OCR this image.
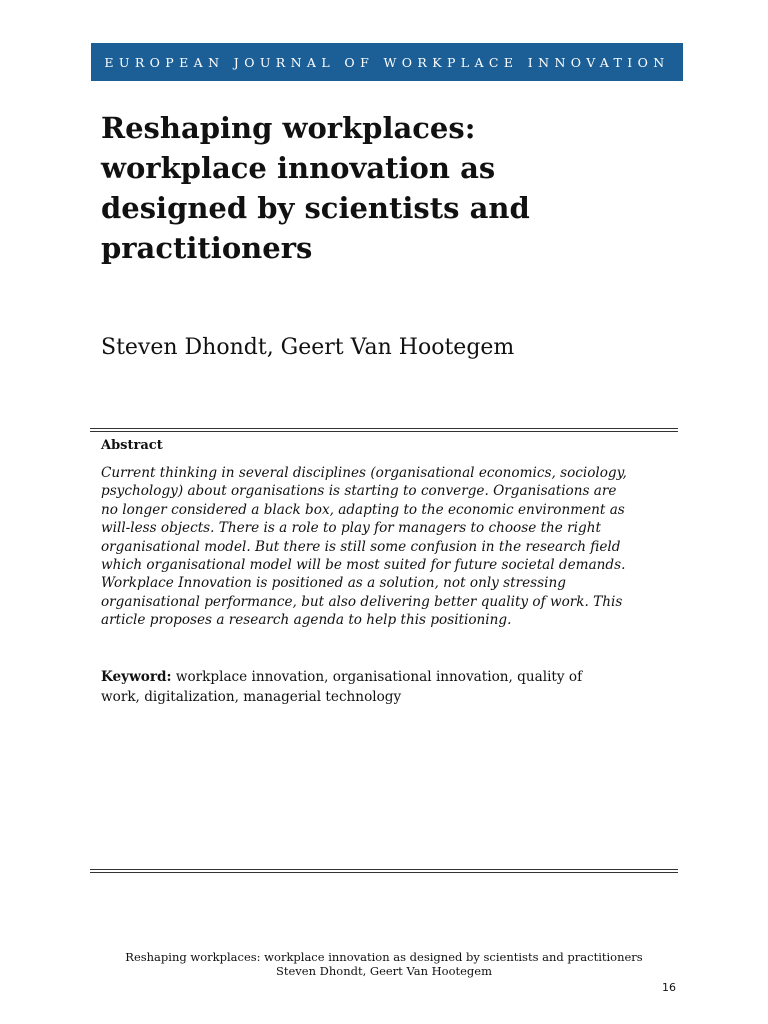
EUROPEAN JOURNAL OF WORKPLACE INNOVATION
Reshaping workplaces:
workplace innovation as
designed by scientists and
practitioners
Steven Dhondt, Geert Van Hootegem
Abstract
Current thinking in several disciplines (organisational economics, sociology,
psychology) about organisations is starting to converge. Organisations are
no longer considered a black box, adapting to the economic environment as
will-less objects. There is a role to play for managers to choose the right
organisational model. But there is still some confusion in the research field
which organisational model will be most suited for future societal demands.
Workplace Innovation is positioned as a solution, not only stressing
organisational performance, but also delivering better quality of work. This
article proposes a research agenda to help this positioning.
Keyword: workplace innovation, organisational innovation, quality of
work, digitalization, managerial technology
Reshaping workplaces: workplace innovation as designed by scientists and practitioners
Steven Dhondt, Geert Van Hootegem
16
